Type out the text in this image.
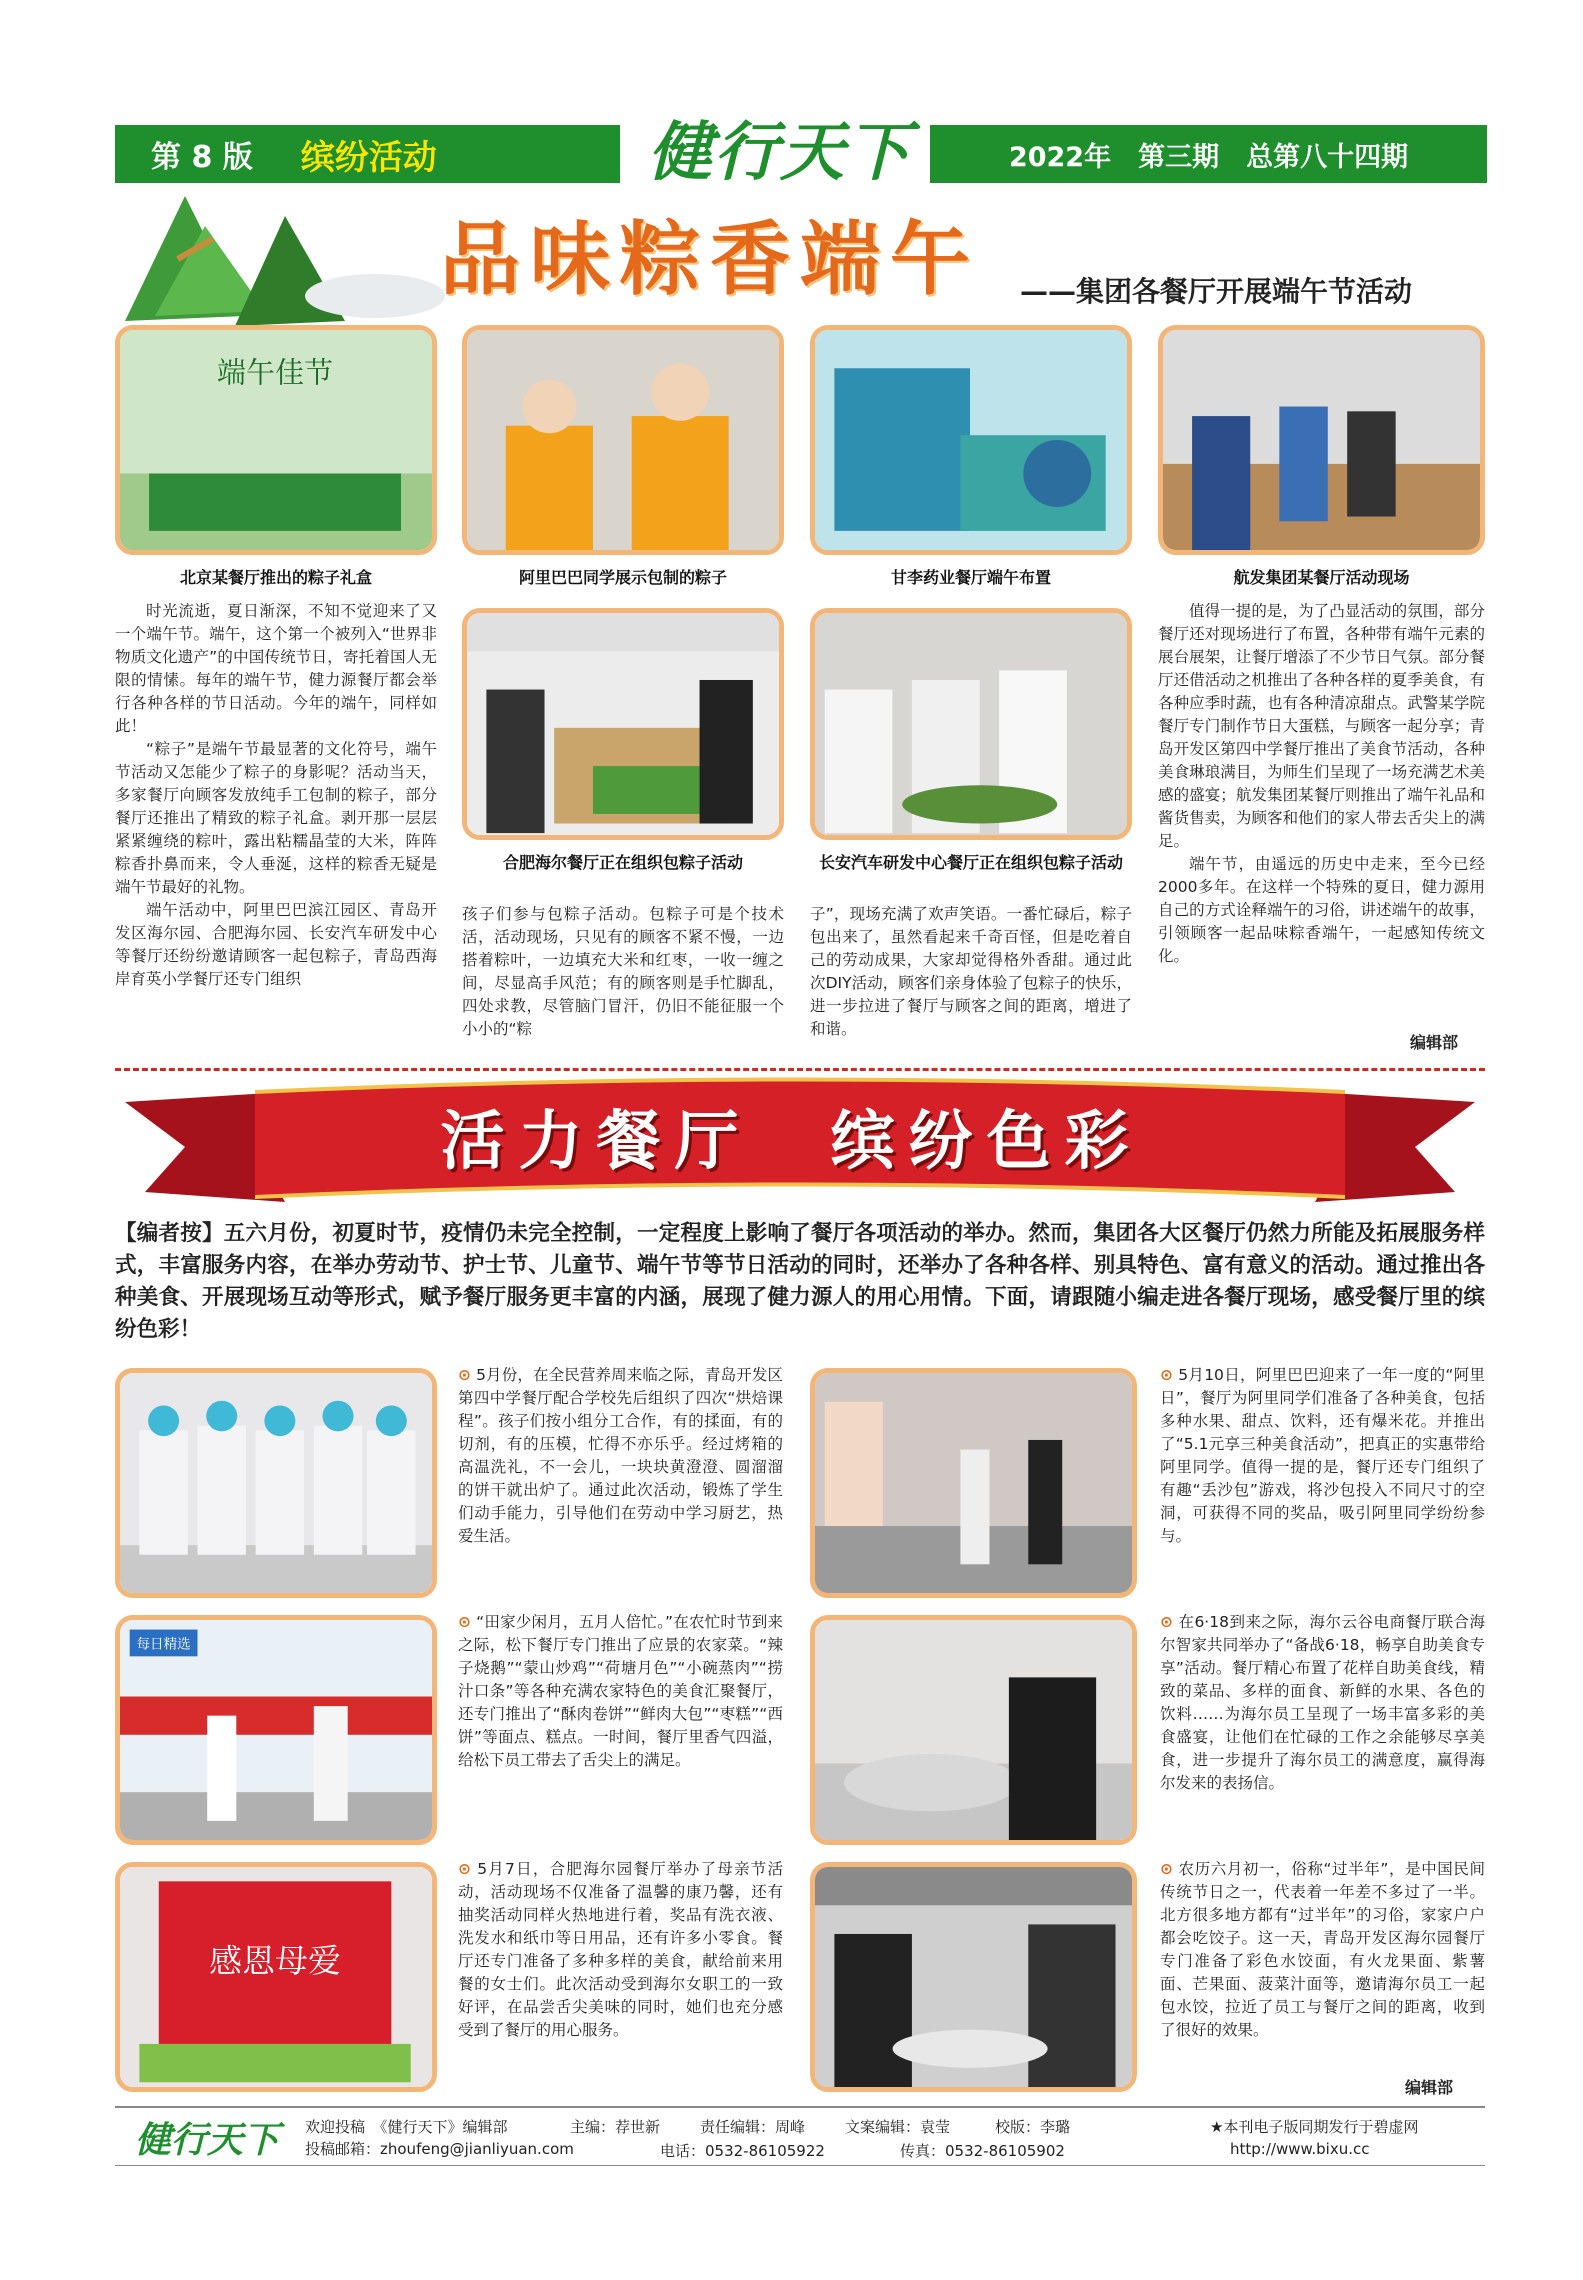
第 8 版 缤纷活动	健行天下	2022年　第三期　总第八十四期
品味粽香端午 ——集团各餐厅开展端午节活动
端午佳节
北京某餐厅推出的粽子礼盒	阿里巴巴同学展示包制的粽子	甘李药业餐厅端午布置	航发集团某餐厅活动现场
合肥海尔餐厅正在组织包粽子活动	长安汽车研发中心餐厅正在组织包粽子活动

时光流逝，夏日渐深，不知不觉迎来了又一个端午节。端午，这个第一个被列入“世界非物质文化遗产”的中国传统节日，寄托着国人无限的情愫。每年的端午节，健力源餐厅都会举行各种各样的节日活动。今年的端午，同样如此！

“粽子”是端午节最显著的文化符号，端午节活动又怎能少了粽子的身影呢？活动当天，多家餐厅向顾客发放纯手工包制的粽子，部分餐厅还推出了精致的粽子礼盒。剥开那一层层紧紧缠绕的粽叶，露出粘糯晶莹的大米，阵阵粽香扑鼻而来，令人垂涎，这样的粽香无疑是端午节最好的礼物。

端午活动中，阿里巴巴滨江园区、青岛开发区海尔园、合肥海尔园、长安汽车研发中心等餐厅还纷纷邀请顾客一起包粽子，青岛西海岸育英小学餐厅还专门组织

孩子们参与包粽子活动。包粽子可是个技术活，活动现场，只见有的顾客不紧不慢，一边搭着粽叶，一边填充大米和红枣，一收一缠之间，尽显高手风范；有的顾客则是手忙脚乱，四处求教，尽管脑门冒汗，仍旧不能征服一个小小的“粽

子”，现场充满了欢声笑语。一番忙碌后，粽子包出来了，虽然看起来千奇百怪，但是吃着自己的劳动成果，大家却觉得格外香甜。通过此次DIY活动，顾客们亲身体验了包粽子的快乐，进一步拉进了餐厅与顾客之间的距离，增进了和谐。

值得一提的是，为了凸显活动的氛围，部分餐厅还对现场进行了布置，各种带有端午元素的展台展架，让餐厅增添了不少节日气氛。部分餐厅还借活动之机推出了各种各样的夏季美食，有各种应季时蔬，也有各种清凉甜点。武警某学院餐厅专门制作节日大蛋糕，与顾客一起分享；青岛开发区第四中学餐厅推出了美食节活动，各种美食琳琅满目，为师生们呈现了一场充满艺术美感的盛宴；航发集团某餐厅则推出了端午礼品和酱货售卖，为顾客和他们的家人带去舌尖上的满足。

端午节，由遥远的历史中走来，至今已经2000多年。在这样一个特殊的夏日，健力源用自己的方式诠释端午的习俗，讲述端午的故事，引领顾客一起品味粽香端午，一起感知传统文化。

编辑部
活力餐厅　缤纷色彩
【编者按】五六月份，初夏时节，疫情仍未完全控制，一定程度上影响了餐厅各项活动的举办。然而，集团各大区餐厅仍然力所能及拓展服务样式，丰富服务内容，在举办劳动节、护士节、儿童节、端午节等节日活动的同时，还举办了各种各样、别具特色、富有意义的活动。通过推出各种美食、开展现场互动等形式，赋予餐厅服务更丰富的内涵，展现了健力源人的用心用情。下面，请跟随小编走进各餐厅现场，感受餐厅里的缤纷色彩！
每日精选
感恩母爱

⊙ 5月份，在全民营养周来临之际，青岛开发区第四中学餐厅配合学校先后组织了四次“烘焙课程”。孩子们按小组分工合作，有的揉面，有的切剂，有的压模，忙得不亦乐乎。经过烤箱的高温洗礼，不一会儿，一块块黄澄澄、圆溜溜的饼干就出炉了。通过此次活动，锻炼了学生们动手能力，引导他们在劳动中学习厨艺，热爱生活。

⊙ 5月10日，阿里巴巴迎来了一年一度的“阿里日”，餐厅为阿里同学们准备了各种美食，包括多种水果、甜点、饮料，还有爆米花。并推出了“5.1元享三种美食活动”，把真正的实惠带给阿里同学。值得一提的是，餐厅还专门组织了有趣“丢沙包”游戏，将沙包投入不同尺寸的空洞，可获得不同的奖品，吸引阿里同学纷纷参与。

⊙ “田家少闲月，五月人倍忙。”在农忙时节到来之际，松下餐厅专门推出了应景的农家菜。“辣子烧鹅”“蒙山炒鸡”“荷塘月色”“小碗蒸肉”“捞汁口条”等各种充满农家特色的美食汇聚餐厅，还专门推出了“酥肉卷饼”“鲜肉大包”“枣糕”“西饼”等面点、糕点。一时间，餐厅里香气四溢，给松下员工带去了舌尖上的满足。

⊙ 在6·18到来之际，海尔云谷电商餐厅联合海尔智家共同举办了“备战6·18，畅享自助美食专享”活动。餐厅精心布置了花样自助美食线，精致的菜品、多样的面食、新鲜的水果、各色的饮料……为海尔员工呈现了一场丰富多彩的美食盛宴，让他们在忙碌的工作之余能够尽享美食，进一步提升了海尔员工的满意度，赢得海尔发来的表扬信。

⊙ 5月7日，合肥海尔园餐厅举办了母亲节活动，活动现场不仅准备了温馨的康乃馨，还有抽奖活动同样火热地进行着，奖品有洗衣液、洗发水和纸巾等日用品，还有许多小零食。餐厅还专门准备了多种多样的美食，献给前来用餐的女士们。此次活动受到海尔女职工的一致好评，在品尝舌尖美味的同时，她们也充分感受到了餐厅的用心服务。

⊙ 农历六月初一，俗称“过半年”，是中国民间传统节日之一，代表着一年差不多过了一半。北方很多地方都有“过半年”的习俗，家家户户都会吃饺子。这一天，青岛开发区海尔园餐厅专门准备了彩色水饺面，有火龙果面、紫薯面、芒果面、菠菜汁面等，邀请海尔员工一起包水饺，拉近了员工与餐厅之间的距离，收到了很好的效果。

编辑部
健行天下 欢迎投稿　《健行天下》编辑部	主编：荐世新	责任编辑：周峰	文案编辑：袁莹	校版：李璐	★本刊电子版同期发行于碧虚网
投稿邮箱：zhoufeng@jianliyuan.com	电话：0532-86105922	传真：0532-86105902	http://www.bixu.cc
